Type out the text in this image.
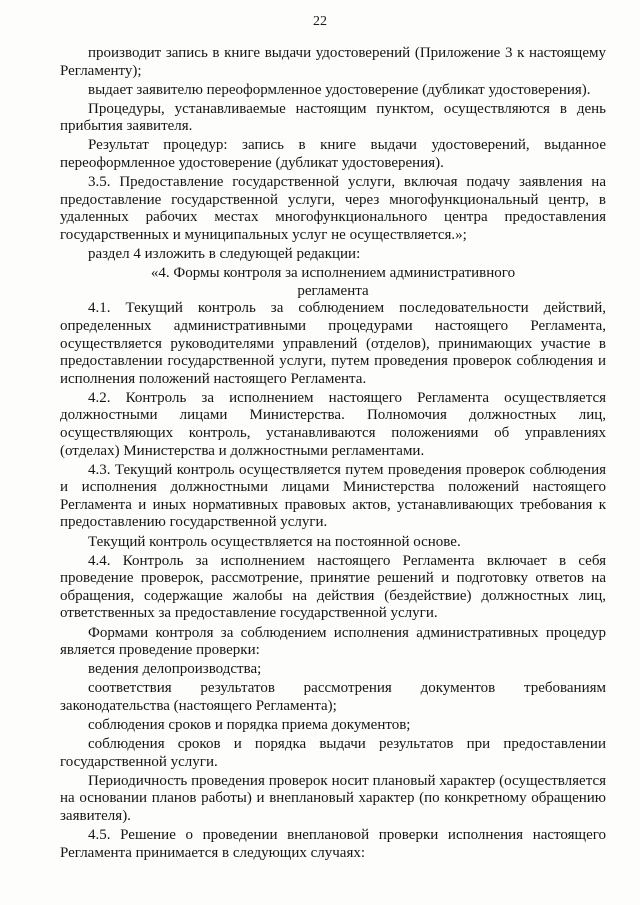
22

производит запись в книге выдачи удостоверений (Приложение 3 к настоящему Регламенту);

выдает заявителю переоформленное удостоверение (дубликат удостоверения).

Процедуры, устанавливаемые настоящим пунктом, осуществляются в день прибытия заявителя.

Результат процедур: запись в книге выдачи удостоверений, выданное переоформленное удостоверение (дубликат удостоверения).

3.5. Предоставление государственной услуги, включая подачу заявления на предоставление государственной услуги, через многофункциональный центр, в удаленных рабочих местах многофункционального центра предоставления государственных и муниципальных услуг не осуществляется.»;

раздел 4 изложить в следующей редакции:

«4. Формы контроля за исполнением административного

регламента

4.1. Текущий контроль за соблюдением последовательности действий, определенных административными процедурами настоящего Регламента, осуществляется руководителями управлений (отделов), принимающих участие в предоставлении государственной услуги, путем проведения проверок соблюдения и исполнения положений настоящего Регламента.

4.2. Контроль за исполнением настоящего Регламента осуществляется должностными лицами Министерства. Полномочия должностных лиц, осуществляющих контроль, устанавливаются положениями об управлениях (отделах) Министерства и должностными регламентами.

4.3. Текущий контроль осуществляется путем проведения проверок соблюдения и исполнения должностными лицами Министерства положений настоящего Регламента и иных нормативных правовых актов, устанавливающих требования к предоставлению государственной услуги.

Текущий контроль осуществляется на постоянной основе.

4.4. Контроль за исполнением настоящего Регламента включает в себя проведение проверок, рассмотрение, принятие решений и подготовку ответов на обращения, содержащие жалобы на действия (бездействие) должностных лиц, ответственных за предоставление государственной услуги.

Формами контроля за соблюдением исполнения административных процедур является проведение проверки:

ведения делопроизводства;

соответствия результатов рассмотрения документов требованиям законодательства (настоящего Регламента);

соблюдения сроков и порядка приема документов;

соблюдения сроков и порядка выдачи результатов при предоставлении государственной услуги.

Периодичность проведения проверок носит плановый характер (осуществляется на основании планов работы) и внеплановый характер (по конкретному обращению заявителя).

4.5. Решение о проведении внеплановой проверки исполнения настоящего Регламента принимается в следующих случаях:
